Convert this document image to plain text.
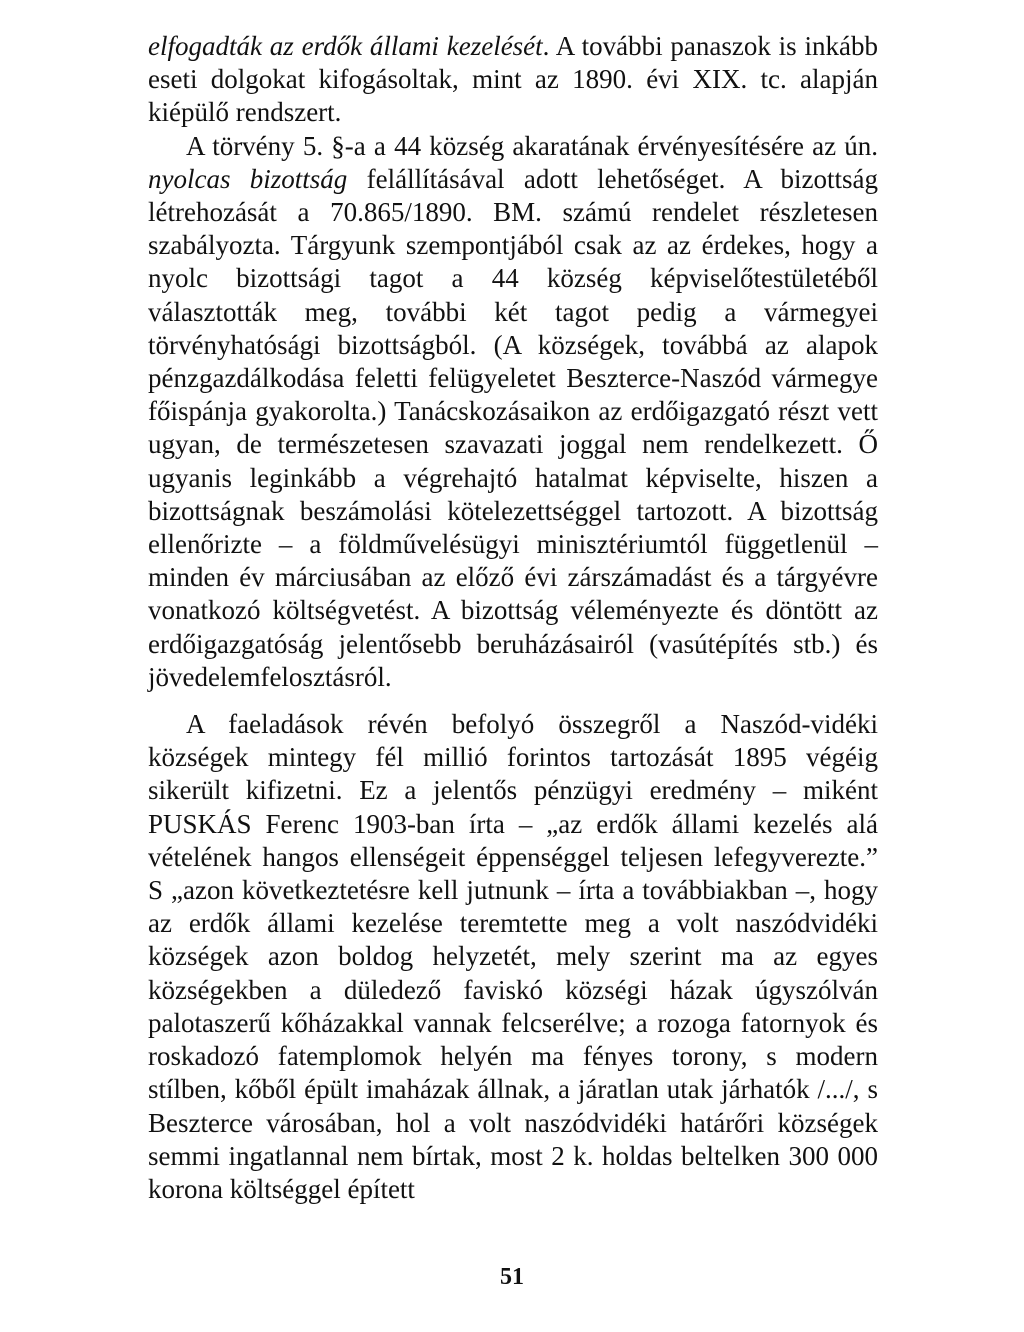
elfogadták az erdők állami kezelését. A további panaszok is inkább eseti dolgokat kifogásoltak, mint az 1890. évi XIX. tc. alapján kiépülő rendszert.

A törvény 5. §-a a 44 község akaratának érvényesítésére az ún. nyolcas bizottság felállításával adott lehetőséget. A bizottság létrehozását a 70.865/1890. BM. számú rendelet részletesen szabályozta. Tárgyunk szempontjából csak az az érdekes, hogy a nyolc bizottsági tagot a 44 község képviselőtestületéből választották meg, további két tagot pedig a vármegyei törvényhatósági bizottságból. (A községek, továbbá az alapok pénzgazdálkodása feletti felügyeletet Beszterce-Naszód vármegye főispánja gyakorolta.) Tanácskozásaikon az erdőigazgató részt vett ugyan, de természetesen szavazati joggal nem rendelkezett. Ő ugyanis leginkább a végrehajtó hatalmat képviselte, hiszen a bizottságnak beszámolási kötelezettséggel tartozott. A bizottság ellenőrizte – a földművelésügyi minisztériumtól függetlenül – minden év márciusában az előző évi zárszámadást és a tárgyévre vonatkozó költségvetést. A bizottság véleményezte és döntött az erdőigazgatóság jelentősebb beruházásairól (vasútépítés stb.) és jövedelemfelosztásról.

A faeladások révén befolyó összegről a Naszód-vidéki községek mintegy fél millió forintos tartozását 1895 végéig sikerült kifizetni. Ez a jelentős pénzügyi eredmény – miként PUSKÁS Ferenc 1903-ban írta – „az erdők állami kezelés alá vételének hangos ellenségeit éppenséggel teljesen lefegyverezte.” S „azon következtetésre kell jutnunk – írta a továbbiakban –, hogy az erdők állami kezelése teremtette meg a volt naszódvidéki községek azon boldog helyzetét, mely szerint ma az egyes községekben a düledező faviskó községi házak úgyszólván palotaszerű kőházakkal vannak felcserélve; a rozoga fatornyok és roskadozó fatemplomok helyén ma fényes torony, s modern stílben, kőből épült imaházak állnak, a járatlan utak járhatók /.../, s Beszterce városában, hol a volt naszódvidéki határőri községek semmi ingatlannal nem bírtak, most 2 k. holdas beltelken 300 000 korona költséggel épített

51
